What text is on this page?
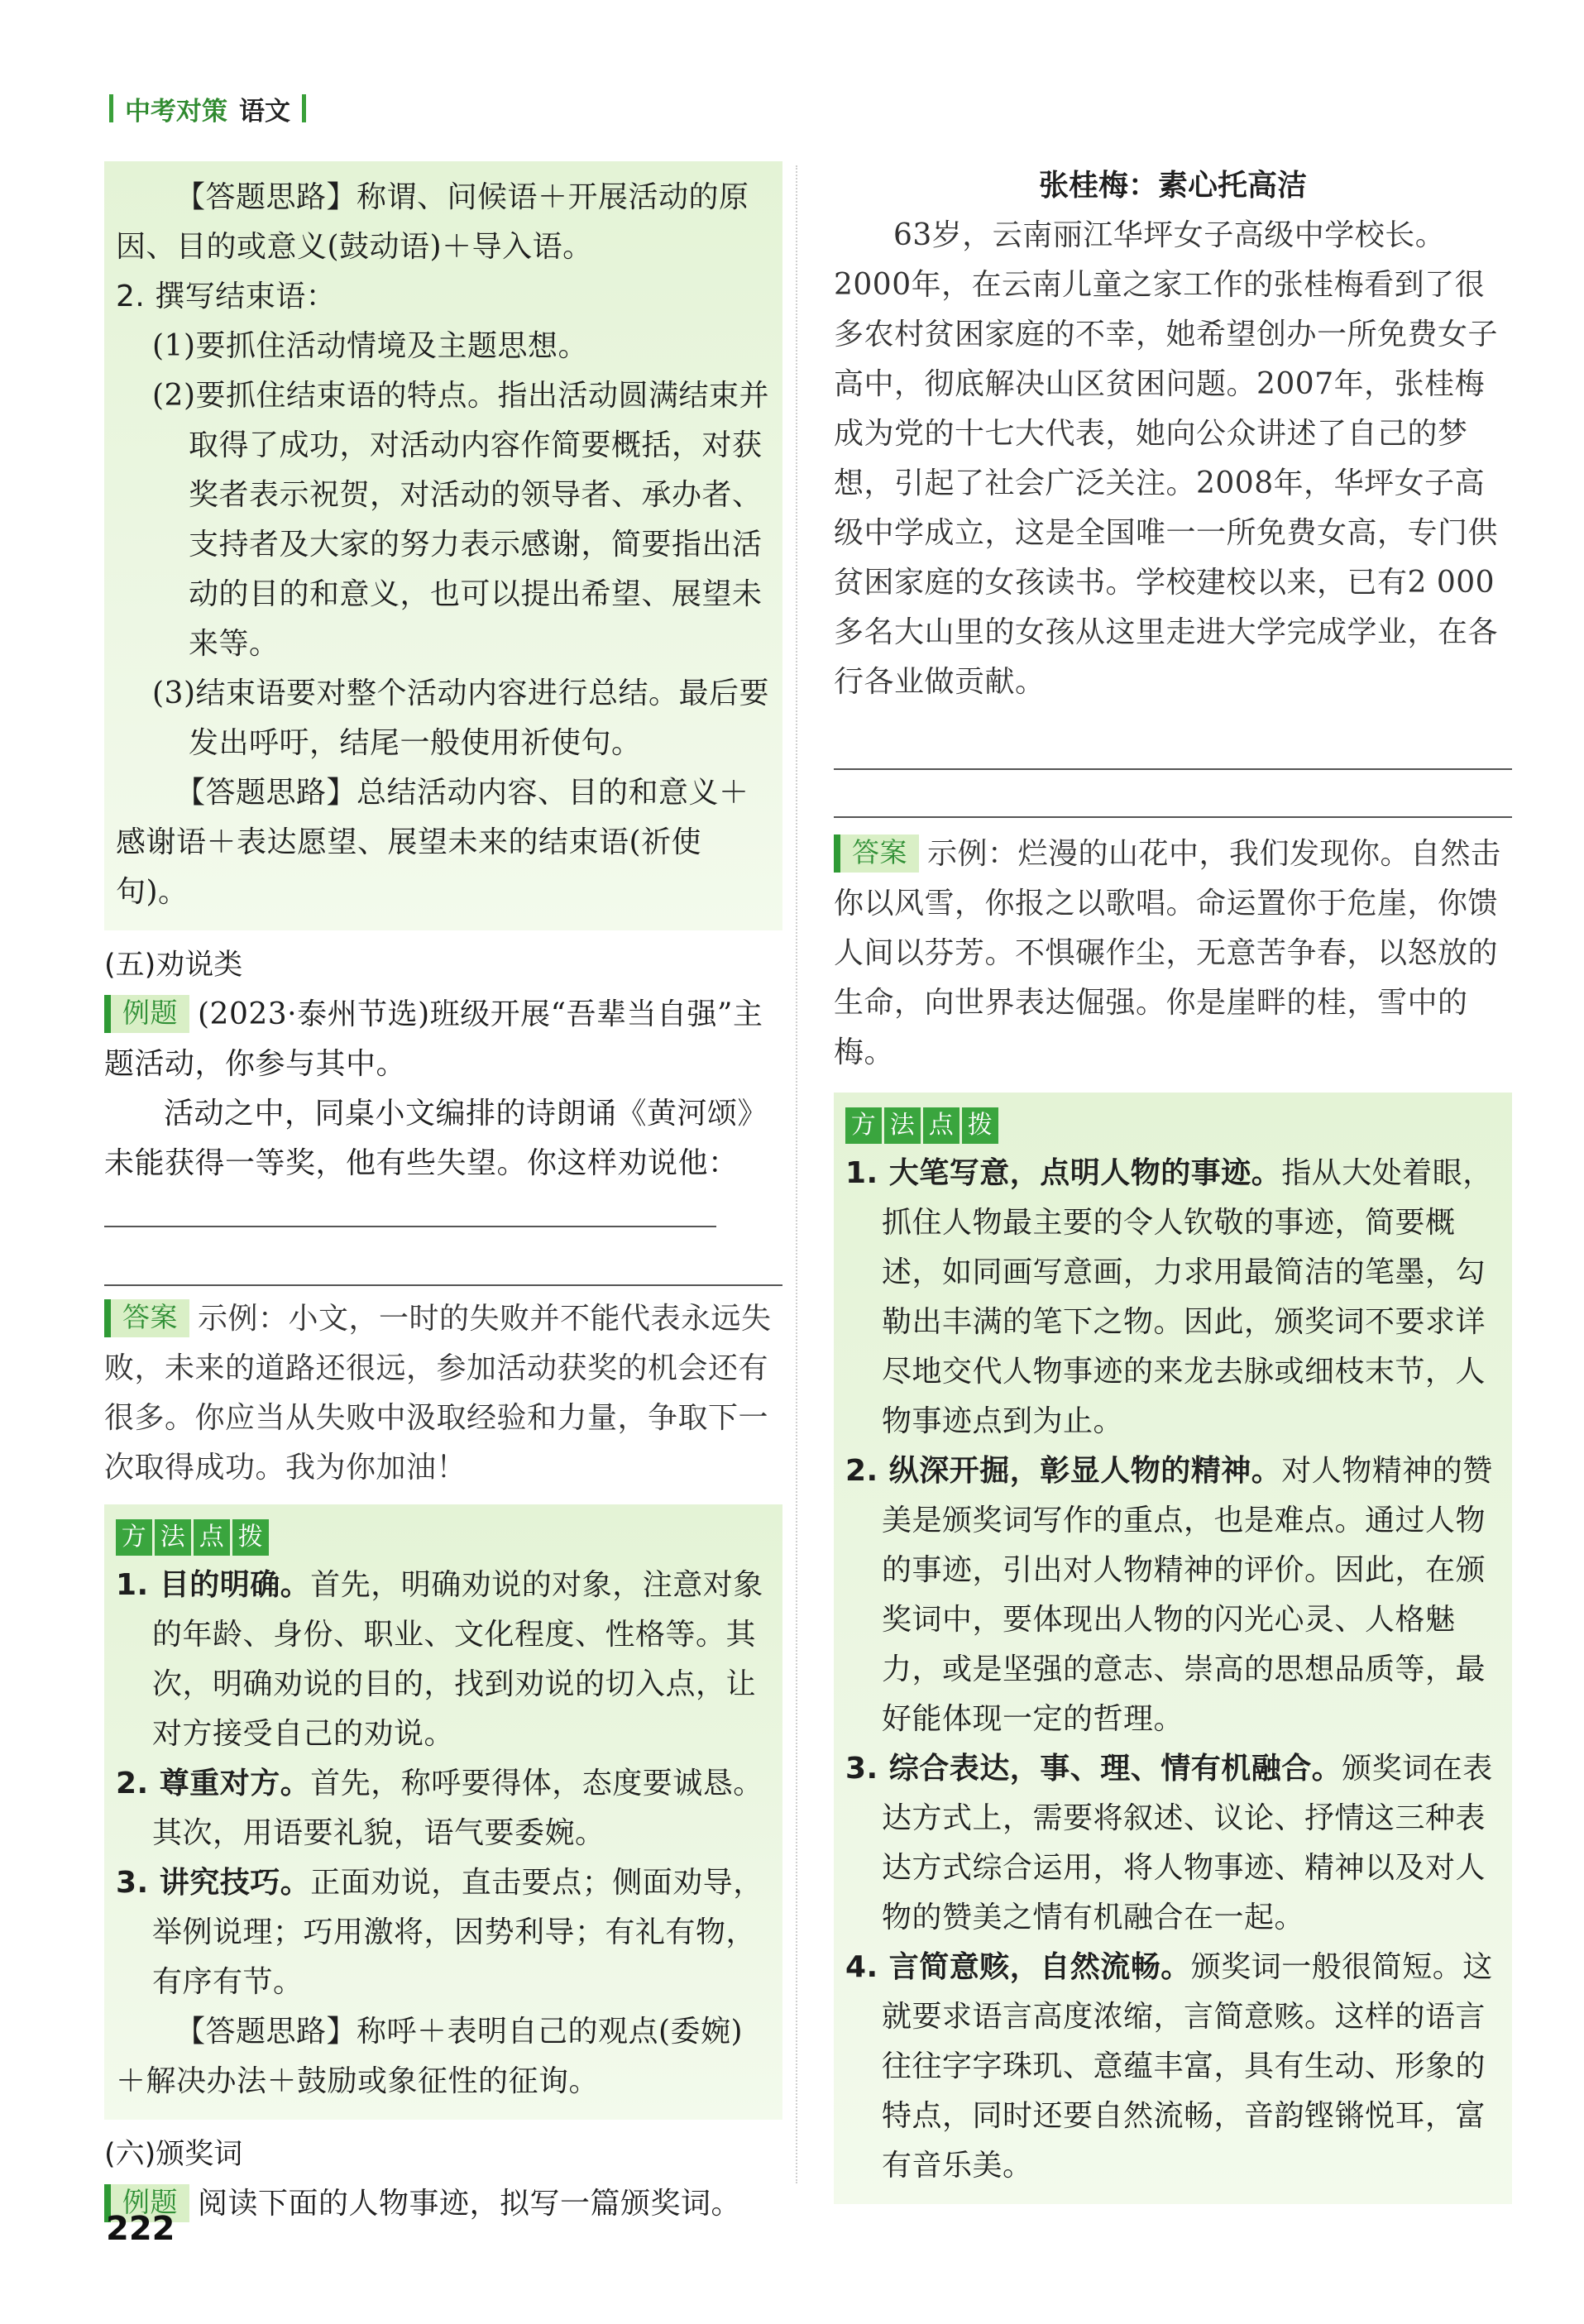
中考对策 语文

【答题思路】称谓、问候语＋开展活动的原因、目的或意义(鼓动语)＋导入语。

2. 撰写结束语：

(1)要抓住活动情境及主题思想。

(2)要抓住结束语的特点。指出活动圆满结束并取得了成功，对活动内容作简要概括，对获奖者表示祝贺，对活动的领导者、承办者、支持者及大家的努力表示感谢，简要指出活动的目的和意义，也可以提出希望、展望未来等。

(3)结束语要对整个活动内容进行总结。最后要发出呼吁，结尾一般使用祈使句。

【答题思路】总结活动内容、目的和意义＋感谢语＋表达愿望、展望未来的结束语(祈使句)。

(五)劝说类

例题 (2023·泰州节选)班级开展“吾辈当自强”主题活动，你参与其中。

活动之中，同桌小文编排的诗朗诵《黄河颂》未能获得一等奖，他有些失望。你这样劝说他：

答案 示例：小文，一时的失败并不能代表永远失败，未来的道路还很远，参加活动获奖的机会还有很多。你应当从失败中汲取经验和力量，争取下一次取得成功。我为你加油！

方 法 点 拨

1. 目的明确。首先，明确劝说的对象，注意对象的年龄、身份、职业、文化程度、性格等。其次，明确劝说的目的，找到劝说的切入点，让对方接受自己的劝说。

2. 尊重对方。首先，称呼要得体，态度要诚恳。其次，用语要礼貌，语气要委婉。

3. 讲究技巧。正面劝说，直击要点；侧面劝导，举例说理；巧用激将，因势利导；有礼有物，有序有节。

【答题思路】称呼＋表明自己的观点(委婉)＋解决办法＋鼓励或象征性的征询。

(六)颁奖词

例题 阅读下面的人物事迹，拟写一篇颁奖词。

张桂梅：素心托高洁

63岁，云南丽江华坪女子高级中学校长。2000年，在云南儿童之家工作的张桂梅看到了很多农村贫困家庭的不幸，她希望创办一所免费女子高中，彻底解决山区贫困问题。2007年，张桂梅成为党的十七大代表，她向公众讲述了自己的梦想，引起了社会广泛关注。2008年，华坪女子高级中学成立，这是全国唯一一所免费女高，专门供贫困家庭的女孩读书。学校建校以来，已有2 000多名大山里的女孩从这里走进大学完成学业，在各行各业做贡献。

答案 示例：烂漫的山花中，我们发现你。自然击你以风雪，你报之以歌唱。命运置你于危崖，你馈人间以芬芳。不惧碾作尘，无意苦争春，以怒放的生命，向世界表达倔强。你是崖畔的桂，雪中的梅。

方 法 点 拨

1. 大笔写意，点明人物的事迹。指从大处着眼，抓住人物最主要的令人钦敬的事迹，简要概述，如同画写意画，力求用最简洁的笔墨，勾勒出丰满的笔下之物。因此，颁奖词不要求详尽地交代人物事迹的来龙去脉或细枝末节，人物事迹点到为止。

2. 纵深开掘，彰显人物的精神。对人物精神的赞美是颁奖词写作的重点，也是难点。通过人物的事迹，引出对人物精神的评价。因此，在颁奖词中，要体现出人物的闪光心灵、人格魅力，或是坚强的意志、崇高的思想品质等，最好能体现一定的哲理。

3. 综合表达，事、理、情有机融合。颁奖词在表达方式上，需要将叙述、议论、抒情这三种表达方式综合运用，将人物事迹、精神以及对人物的赞美之情有机融合在一起。

4. 言简意赅，自然流畅。颁奖词一般很简短。这就要求语言高度浓缩，言简意赅。这样的语言往往字字珠玑、意蕴丰富，具有生动、形象的特点，同时还要自然流畅，音韵铿锵悦耳，富有音乐美。

222
